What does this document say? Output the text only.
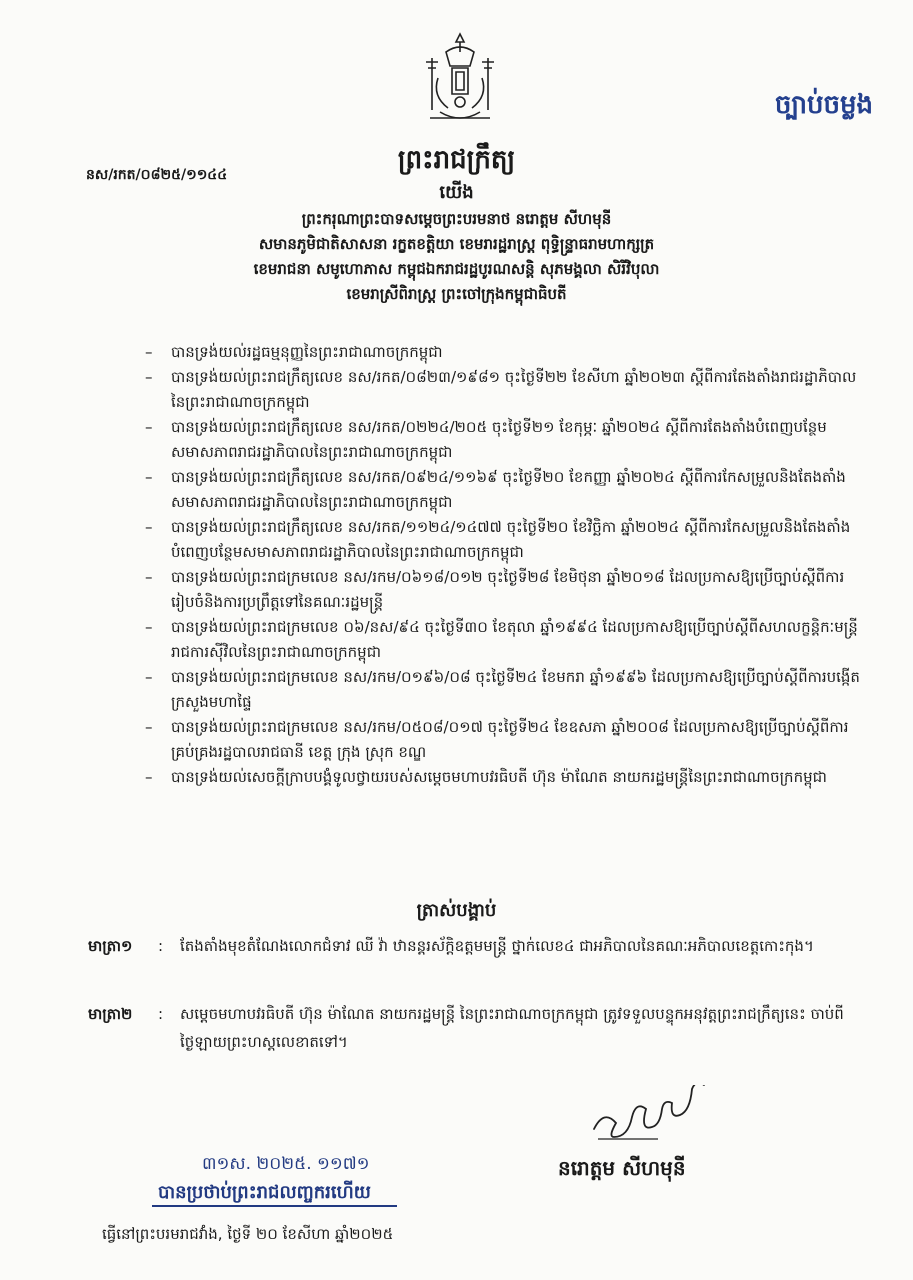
ច្បាប់ចម្លង
នស/រកត/០៨២៥/១១៤៤	ព្រះរាជក្រឹត្យ
យើង
ព្រះករុណាព្រះបាទសម្តេចព្រះបរមនាថ នរោត្តម សីហមុនី
សមានភូមិជាតិសាសនា រក្ខតខត្តិយា ខេមរារដ្ឋរាស្ត្រ ពុទ្ធិន្ទ្រាធរាមហាក្សត្រ
ខេមរាជនា សមូហោភាស កម្ពុជឯករាជរដ្ឋបូរណសន្តិ សុភមង្គលា សិរីវិបុលា
ខេមរាស្រីពិរាស្ត្រ ព្រះចៅក្រុងកម្ពុជាធិបតី
– បានទ្រង់យល់រដ្ឋធម្មនុញ្ញនៃព្រះរាជាណាចក្រកម្ពុជា
– បានទ្រង់យល់ព្រះរាជក្រឹត្យលេខ នស/រកត/០៨២៣/១៩៨១ ចុះថ្ងៃទី២២ ខែសីហា ឆ្នាំ២០២៣ ស្តីពីការតែងតាំងរាជរដ្ឋាភិបាលនៃព្រះរាជាណាចក្រកម្ពុជា
– បានទ្រង់យល់ព្រះរាជក្រឹត្យលេខ នស/រកត/០២២៤/២០៥ ចុះថ្ងៃទី២១ ខែកុម្ភៈ ឆ្នាំ២០២៤ ស្តីពីការតែងតាំងបំពេញបន្ថែមសមាសភាពរាជរដ្ឋាភិបាលនៃព្រះរាជាណាចក្រកម្ពុជា
– បានទ្រង់យល់ព្រះរាជក្រឹត្យលេខ នស/រកត/០៩២៤/១១៦៩ ចុះថ្ងៃទី២០ ខែកញ្ញា ឆ្នាំ២០២៤ ស្តីពីការកែសម្រួលនិងតែងតាំងសមាសភាពរាជរដ្ឋាភិបាលនៃព្រះរាជាណាចក្រកម្ពុជា
– បានទ្រង់យល់ព្រះរាជក្រឹត្យលេខ នស/រកត/១១២៤/១៤៧៧ ចុះថ្ងៃទី២០ ខែវិច្ឆិកា ឆ្នាំ២០២៤ ស្តីពីការកែសម្រួលនិងតែងតាំងបំពេញបន្ថែមសមាសភាពរាជរដ្ឋាភិបាលនៃព្រះរាជាណាចក្រកម្ពុជា
– បានទ្រង់យល់ព្រះរាជក្រមលេខ នស/រកម/០៦១៨/០១២ ចុះថ្ងៃទី២៨ ខែមិថុនា ឆ្នាំ២០១៨ ដែលប្រកាសឱ្យប្រើច្បាប់ស្តីពីការរៀបចំនិងការប្រព្រឹត្តទៅនៃគណៈរដ្ឋមន្ត្រី
– បានទ្រង់យល់ព្រះរាជក្រមលេខ ០៦/នស/៩៤ ចុះថ្ងៃទី៣០ ខែតុលា ឆ្នាំ១៩៩៤ ដែលប្រកាសឱ្យប្រើច្បាប់ស្តីពីសហលក្ខន្តិកៈមន្ត្រីរាជការស៊ីវិលនៃព្រះរាជាណាចក្រកម្ពុជា
– បានទ្រង់យល់ព្រះរាជក្រមលេខ នស/រកម/០១៩៦/០៨ ចុះថ្ងៃទី២៤ ខែមករា ឆ្នាំ១៩៩៦ ដែលប្រកាសឱ្យប្រើច្បាប់ស្តីពីការបង្កើតក្រសួងមហាផ្ទៃ
– បានទ្រង់យល់ព្រះរាជក្រមលេខ នស/រកម/០៥០៨/០១៧ ចុះថ្ងៃទី២៤ ខែឧសភា ឆ្នាំ២០០៨ ដែលប្រកាសឱ្យប្រើច្បាប់ស្តីពីការគ្រប់គ្រងរដ្ឋបាលរាជធានី ខេត្ត ក្រុង ស្រុក ខណ្ឌ
– បានទ្រង់យល់សេចក្តីក្រាបបង្គំទូលថ្វាយរបស់សម្តេចមហាបវរធិបតី ហ៊ុន ម៉ាណែត នាយករដ្ឋមន្ត្រីនៃព្រះរាជាណាចក្រកម្ពុជា
ត្រាស់បង្គាប់
មាត្រា១	: តែងតាំងមុខតំណែងលោកជំទាវ ឈី វ៉ា ឋានន្តរស័ក្តិឧត្តមមន្ត្រី ថ្នាក់លេខ៤ ជាអភិបាលនៃគណៈអភិបាលខេត្តកោះកុង។
មាត្រា២	: សម្តេចមហាបវរធិបតី ហ៊ុន ម៉ាណែត នាយករដ្ឋមន្ត្រី នៃព្រះរាជាណាចក្រកម្ពុជា ត្រូវទទួលបន្ទុកអនុវត្តព្រះរាជក្រឹត្យនេះ ចាប់ពីថ្ងៃឡាយព្រះហស្តលេខាតទៅ។
នរោត្តម សីហមុនី
៣១ស. ២០២៥. ១១៧១
បានប្រថាប់ព្រះរាជលញ្ចករហើយ
ធ្វើនៅព្រះបរមរាជវាំង, ថ្ងៃទី ២០ ខែសីហា ឆ្នាំ២០២៥
